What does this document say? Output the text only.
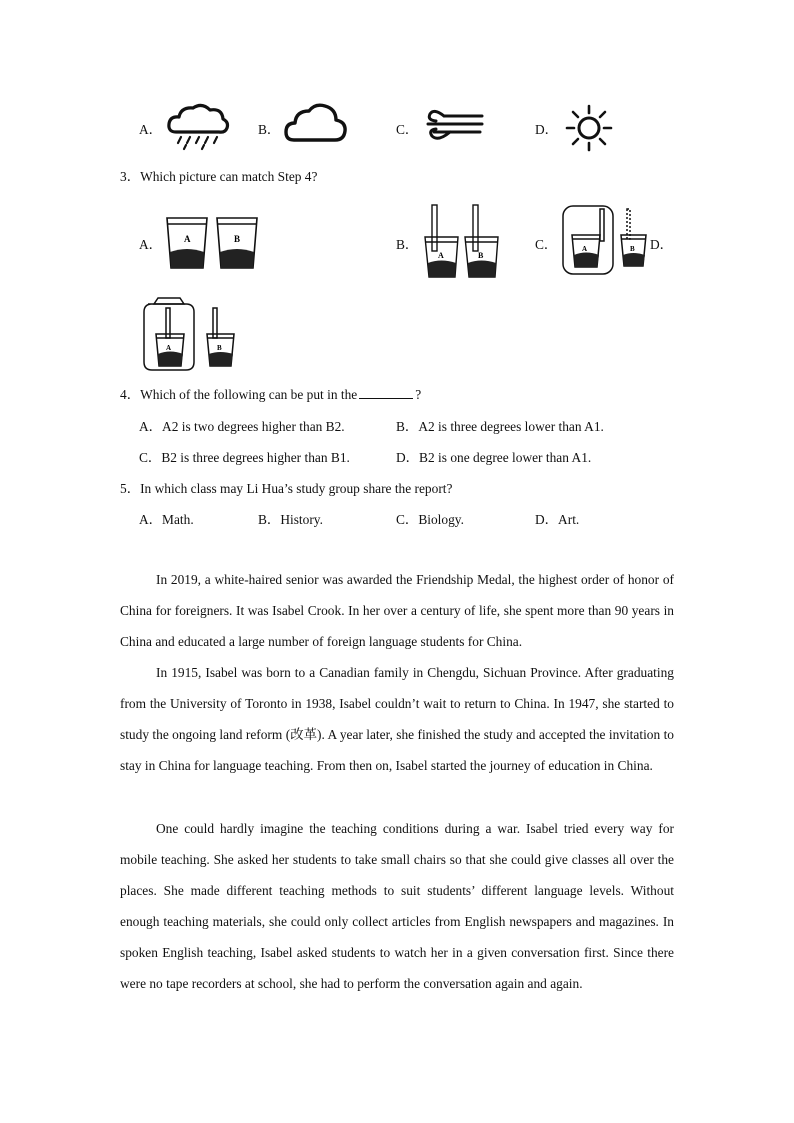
A．	B．	C．	D．
3．Which picture can match Step 4?
A． A	B	B．
A	B
C．	A	B D．
A	B
4．Which of the following can be put in the	?
A．A2 is two degrees higher than B2.	B．A2 is three degrees lower than A1.
C．B2 is three degrees higher than B1.	D．B2 is one degree lower than A1.
5．In which class may Li Hua’s study group share the report?
A．Math.	B．History.	C．Biology.	D．Art.

In 2019, a white-haired senior was awarded the Friendship Medal, the highest order of honor of China for foreigners. It was Isabel Crook. In her over a century of life, she spent more than 90 years in China and educated a large number of foreign language students for China.

In 1915, Isabel was born to a Canadian family in Chengdu, Sichuan Province. After graduating from the University of Toronto in 1938, Isabel couldn’t wait to return to China. In 1947, she started to study the ongoing land reform (改革). A year later, she finished the study and accepted the invitation to stay in China for language teaching. From then on, Isabel started the journey of education in China.

One could hardly imagine the teaching conditions during a war. Isabel tried every way for mobile teaching. She asked her students to take small chairs so that she could give classes all over the places. She made different teaching methods to suit students’ different language levels. Without enough teaching materials, she could only collect articles from English newspapers and magazines. In spoken English teaching, Isabel asked students to watch her in a given conversation first. Since there were no tape recorders at school, she had to perform the conversation again and again.
